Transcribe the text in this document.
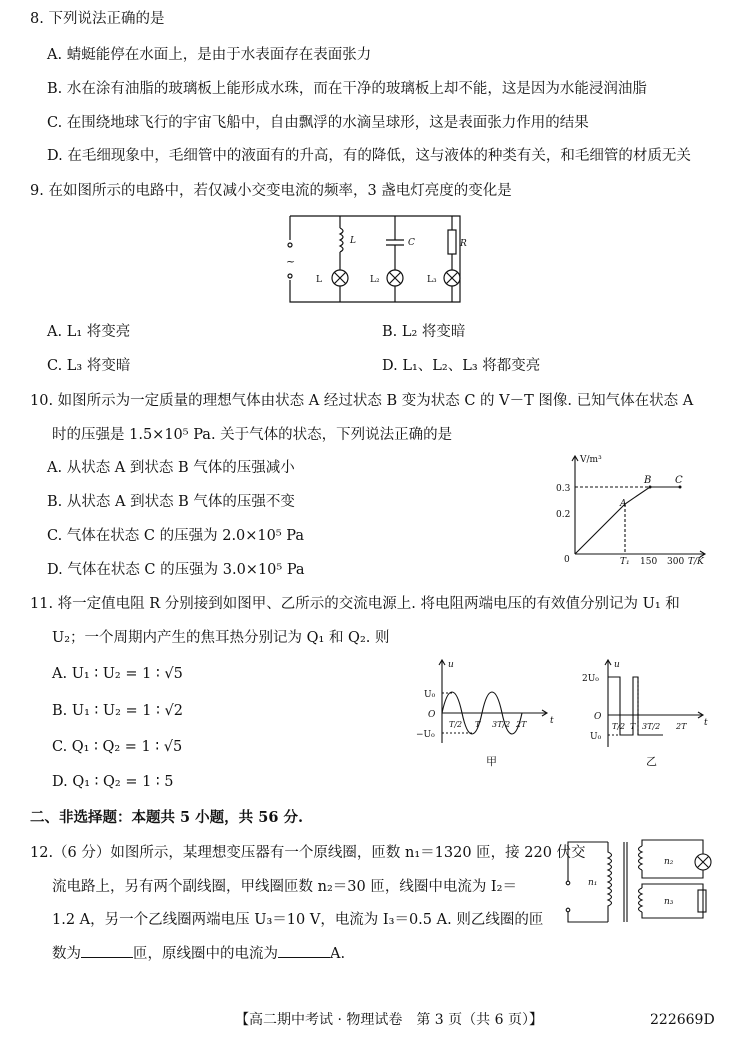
8. 下列说法正确的是
A. 蜻蜓能停在水面上，是由于水表面存在表面张力
B. 水在涂有油脂的玻璃板上能形成水珠，而在干净的玻璃板上却不能，这是因为水能浸润油脂
C. 在围绕地球飞行的宇宙飞船中，自由飘浮的水滴呈球形，这是表面张力作用的结果
D. 在毛细现象中，毛细管中的液面有的升高，有的降低，这与液体的种类有关，和毛细管的材质无关
9. 在如图所示的电路中，若仅减小交变电流的频率，3 盏电灯亮度的变化是
~
L	C	R
L	L₂	L₃
A. L₁ 将变亮	B. L₂ 将变暗
C. L₃ 将变暗	D. L₁、L₂、L₃ 将都变亮
10. 如图所示为一定质量的理想气体由状态 A 经过状态 B 变为状态 C 的 V－T 图像. 已知气体在状态 A
时的压强是 1.5×10⁵ Pa. 关于气体的状态，下列说法正确的是
A. 从状态 A 到状态 B 气体的压强减小
B. 从状态 A 到状态 B 气体的压强不变
C. 气体在状态 C 的压强为 2.0×10⁵ Pa
D. 气体在状态 C 的压强为 3.0×10⁵ Pa
V/m³
0.3
0.2
0	T₁ 150 300 T/K
A
B C
11. 将一定值电阻 R 分别接到如图甲、乙所示的交流电源上. 将电阻两端电压的有效值分别记为 U₁ 和
U₂；一个周期内产生的焦耳热分别记为 Q₁ 和 Q₂. 则
A. U₁ ∶ U₂ = 1 ∶ √5
B. U₁ ∶ U₂ = 1 ∶ √2
C. Q₁ ∶ Q₂ = 1 ∶ √5
D. Q₁ ∶ Q₂ = 1 ∶ 5
u
U₀
O
−U₀
T/2 T 3T/2 2T	t
甲
u
2U₀
O
U₀
T/2 T 3T/2 2T t
乙
二、非选择题：本题共 5 小题，共 56 分.
12.（6 分）如图所示，某理想变压器有一个原线圈，匝数 n₁＝1320 匝，接 220 伏交
流电路上，另有两个副线圈，甲线圈匝数 n₂＝30 匝，线圈中电流为 I₂＝
1.2 A，另一个乙线圈两端电压 U₃＝10 V，电流为 I₃＝0.5 A. 则乙线圈的匝
数为	匝，原线圈中的电流为	A.
n₁
n₂
n₃
【高二期中考试 · 物理试卷　第 3 页（共 6 页）】	222669D
